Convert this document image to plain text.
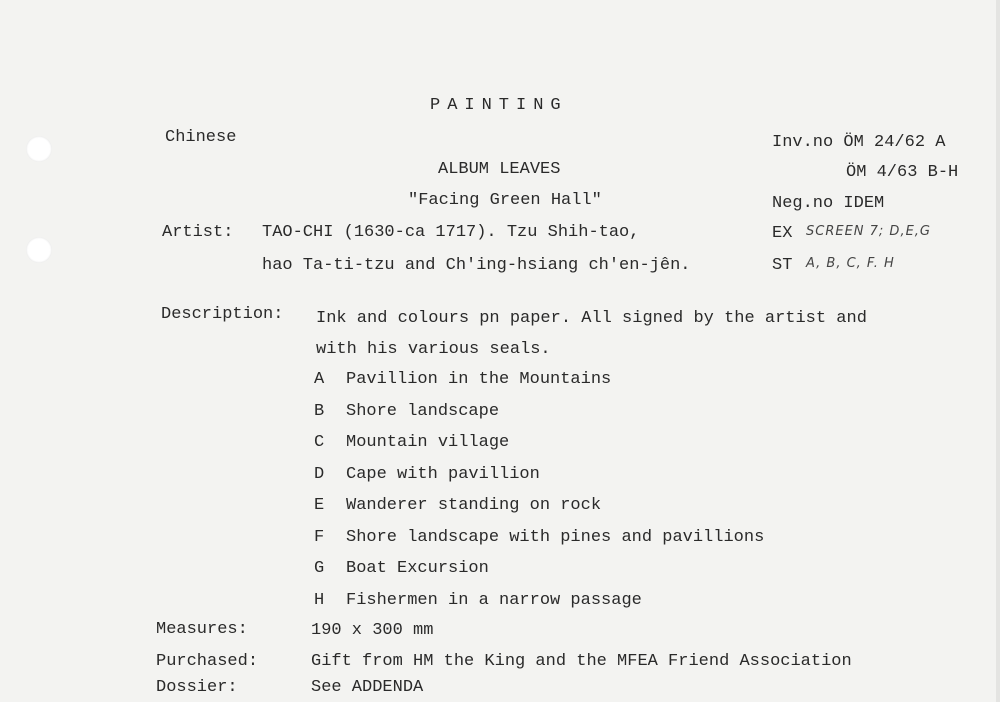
PAINTING
Chinese
ALBUM LEAVES
"Facing Green Hall"
Inv.no ÖM 24/62 A
ÖM 4/63 B-H
Neg.no IDEM
EX SCREEN 7; D,E,G
ST A, B, C, F. H
Artist: TAO-CHI (1630-ca 1717). Tzu Shih-tao,
hao Ta-ti-tzu and Ch'ing-hsiang ch'en-jên.
Description: Ink and colours pn paper. All signed by the artist and
with his various seals.
A Pavillion in the Mountains
B Shore landscape
C Mountain village
D Cape with pavillion
E Wanderer standing on rock
F Shore landscape with pines and pavillions
G Boat Excursion
H Fishermen in a narrow passage
Measures:	190 x 300 mm
Purchased:	Gift from HM the King and the MFEA Friend Association
Dossier:	See ADDENDA
